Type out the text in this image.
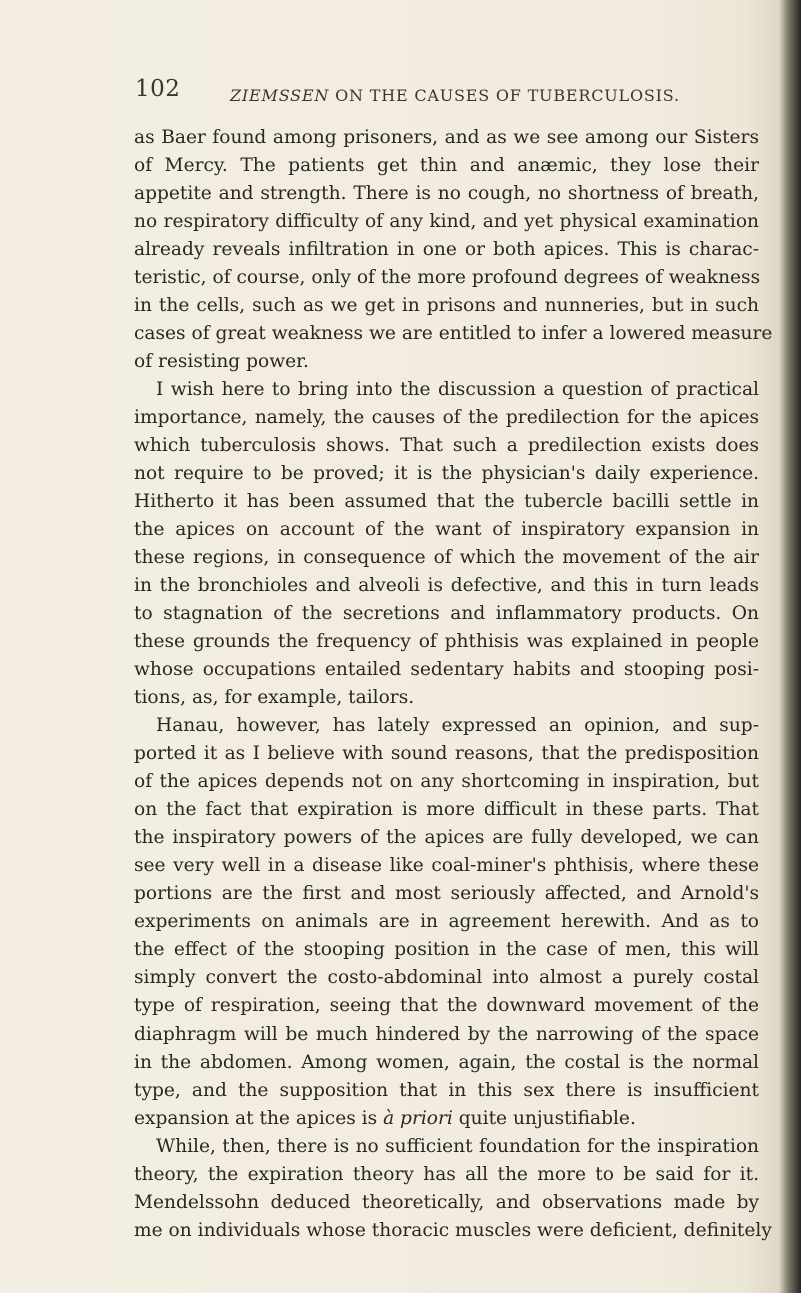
102	ZIEMSSEN ON THE CAUSES OF TUBERCULOSIS.
as Baer found among prisoners, and as we see among our Sisters
of Mercy. The patients get thin and anæmic, they lose their
appetite and strength. There is no cough, no shortness of breath,
no respiratory difficulty of any kind, and yet physical examination
already reveals infiltration in one or both apices. This is charac-
teristic, of course, only of the more profound degrees of weakness
in the cells, such as we get in prisons and nunneries, but in such
cases of great weakness we are entitled to infer a lowered measure
of resisting power.
I wish here to bring into the discussion a question of practical
importance, namely, the causes of the predilection for the apices
which tuberculosis shows. That such a predilection exists does
not require to be proved; it is the physician's daily experience.
Hitherto it has been assumed that the tubercle bacilli settle in
the apices on account of the want of inspiratory expansion in
these regions, in consequence of which the movement of the air
in the bronchioles and alveoli is defective, and this in turn leads
to stagnation of the secretions and inflammatory products. On
these grounds the frequency of phthisis was explained in people
whose occupations entailed sedentary habits and stooping posi-
tions, as, for example, tailors.
Hanau, however, has lately expressed an opinion, and sup-
ported it as I believe with sound reasons, that the predisposition
of the apices depends not on any shortcoming in inspiration, but
on the fact that expiration is more difficult in these parts. That
the inspiratory powers of the apices are fully developed, we can
see very well in a disease like coal-miner's phthisis, where these
portions are the first and most seriously affected, and Arnold's
experiments on animals are in agreement herewith. And as to
the effect of the stooping position in the case of men, this will
simply convert the costo-abdominal into almost a purely costal
type of respiration, seeing that the downward movement of the
diaphragm will be much hindered by the narrowing of the space
in the abdomen. Among women, again, the costal is the normal
type, and the supposition that in this sex there is insufficient
expansion at the apices is à priori quite unjustifiable.
While, then, there is no sufficient foundation for the inspiration
theory, the expiration theory has all the more to be said for it.
Mendelssohn deduced theoretically, and observations made by
me on individuals whose thoracic muscles were deficient, definitely
